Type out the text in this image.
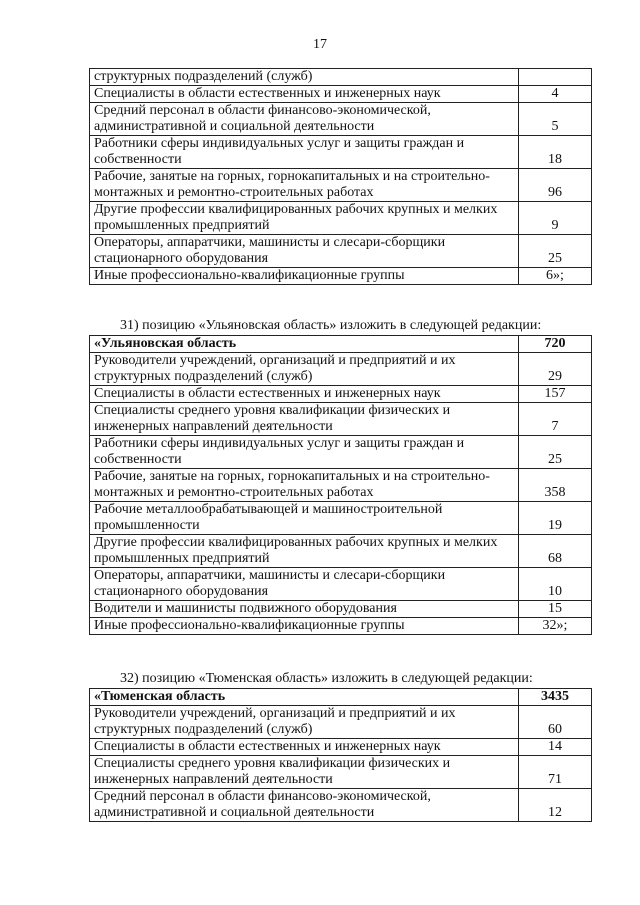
17
структурных подразделений (служб)	
Специалисты в области естественных и инженерных наук	4
Средний персонал в области финансово-экономической, административной и социальной деятельности	5
Работники сферы индивидуальных услуг и защиты граждан и собственности	18
Рабочие, занятые на горных, горнокапитальных и на строительно-монтажных и ремонтно-строительных работах	96
Другие профессии квалифицированных рабочих крупных и мелких промышленных предприятий	9
Операторы, аппаратчики, машинисты и слесари-сборщики стационарного оборудования	25
Иные профессионально-квалификационные группы	6»;
31) позицию «Ульяновская область» изложить в следующей редакции:
«Ульяновская область	720
Руководители учреждений, организаций и предприятий и их структурных подразделений (служб)	29
Специалисты в области естественных и инженерных наук	157
Специалисты среднего уровня квалификации физических и инженерных направлений деятельности	7
Работники сферы индивидуальных услуг и защиты граждан и собственности	25
Рабочие, занятые на горных, горнокапитальных и на строительно-монтажных и ремонтно-строительных работах	358
Рабочие металлообрабатывающей и машиностроительной промышленности	19
Другие профессии квалифицированных рабочих крупных и мелких промышленных предприятий	68
Операторы, аппаратчики, машинисты и слесари-сборщики стационарного оборудования	10
Водители и машинисты подвижного оборудования	15
Иные профессионально-квалификационные группы	32»;
32) позицию «Тюменская область» изложить в следующей редакции:
«Тюменская область	3435
Руководители учреждений, организаций и предприятий и их структурных подразделений (служб)	60
Специалисты в области естественных и инженерных наук	14
Специалисты среднего уровня квалификации физических и инженерных направлений деятельности	71
Средний персонал в области финансово-экономической, административной и социальной деятельности	12
